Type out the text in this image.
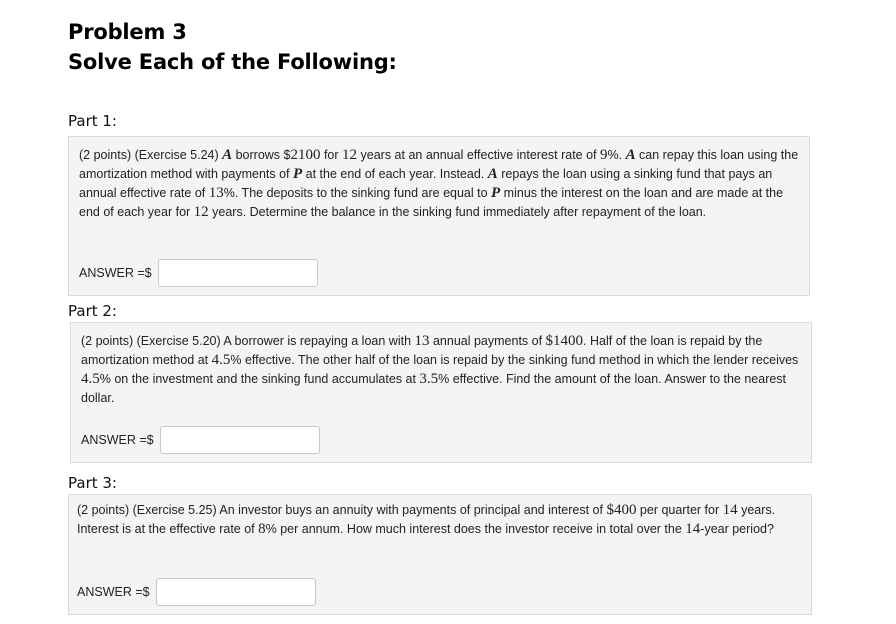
Problem 3
Solve Each of the Following:
Part 1:

(2 points) (Exercise 5.24) A borrows $2100 for 12 years at an annual effective interest rate of 9%. A can repay this loan using the amortization method with payments of P at the end of each year. Instead. A repays the loan using a sinking fund that pays an annual effective rate of 13%. The deposits to the sinking fund are equal to P minus the interest on the loan and are made at the end of each year for 12 years. Determine the balance in the sinking fund immediately after repayment of the loan.

ANSWER =$
Part 2:

(2 points) (Exercise 5.20) A borrower is repaying a loan with 13 annual payments of $1400. Half of the loan is repaid by the amortization method at 4.5% effective. The other half of the loan is repaid by the sinking fund method in which the lender receives 4.5% on the investment and the sinking fund accumulates at 3.5% effective. Find the amount of the loan. Answer to the nearest dollar.

ANSWER =$
Part 3:

(2 points) (Exercise 5.25) An investor buys an annuity with payments of principal and interest of $400 per quarter for 14 years. Interest is at the effective rate of 8% per annum. How much interest does the investor receive in total over the 14-year period?

ANSWER =$
